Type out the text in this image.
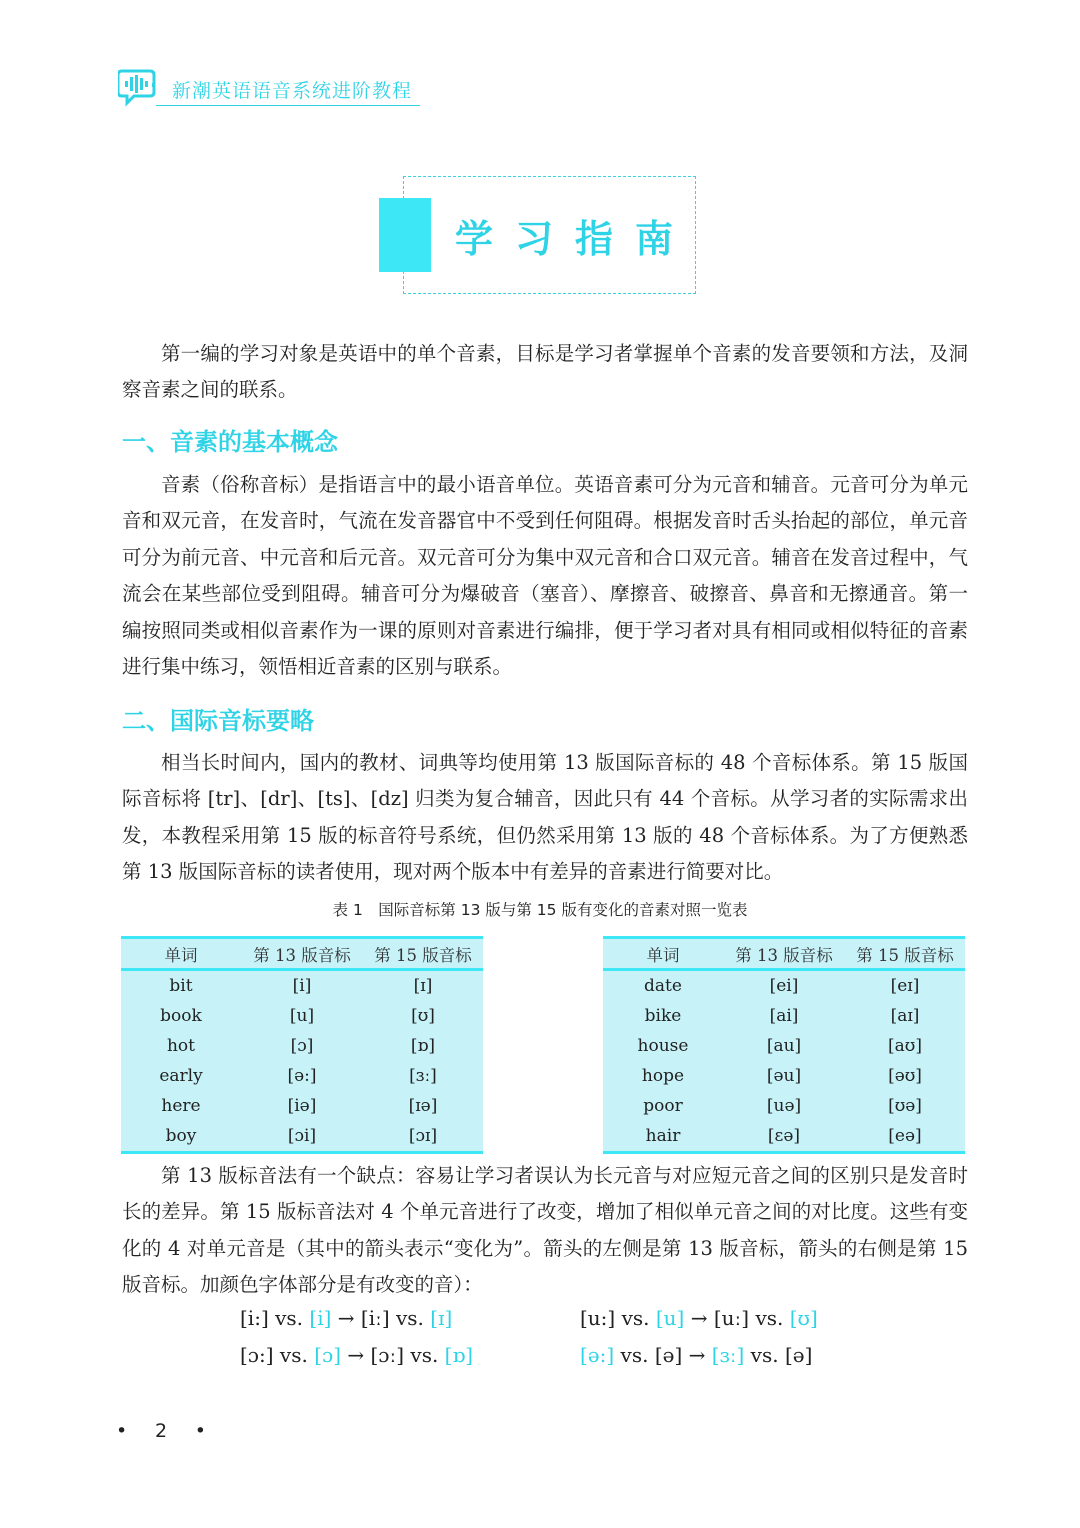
新潮英语语音系统进阶教程
学习指南

第一编的学习对象是英语中的单个音素，目标是学习者掌握单个音素的发音要领和方法，及洞察音素之间的联系。

一、音素的基本概念

音素（俗称音标）是指语言中的最小语音单位。英语音素可分为元音和辅音。元音可分为单元音和双元音，在发音时，气流在发音器官中不受到任何阻碍。根据发音时舌头抬起的部位，单元音可分为前元音、中元音和后元音。双元音可分为集中双元音和合口双元音。辅音在发音过程中，气流会在某些部位受到阻碍。辅音可分为爆破音（塞音）、摩擦音、破擦音、鼻音和无擦通音。第一编按照同类或相似音素作为一课的原则对音素进行编排，便于学习者对具有相同或相似特征的音素进行集中练习，领悟相近音素的区别与联系。

二、国际音标要略

相当长时间内，国内的教材、词典等均使用第 13 版国际音标的 48 个音标体系。第 15 版国际音标将 [tr]、[dr]、[ts]、[dz] 归类为复合辅音，因此只有 44 个音标。从学习者的实际需求出发，本教程采用第 15 版的标音符号系统，但仍然采用第 13 版的 48 个音标体系。为了方便熟悉第 13 版国际音标的读者使用，现对两个版本中有差异的音素进行简要对比。

表 1　国际音标第 13 版与第 15 版有变化的音素对照一览表
单词	第 13 版音标	第 15 版音标
bit	[i]	[ɪ]
book	[u]	[ʊ]
hot	[ɔ]	[ɒ]
early	[ə:]	[ɜː]
here	[iə]	[ɪə]
boy	[ɔi]	[ɔɪ]
单词	第 13 版音标	第 15 版音标
date	[ei]	[eɪ]
bike	[ai]	[aɪ]
house	[au]	[aʊ]
hope	[əu]	[əʊ]
poor	[uə]	[ʊə]
hair	[ɛə]	[eə]

第 13 版标音法有一个缺点：容易让学习者误认为长元音与对应短元音之间的区别只是发音时长的差异。第 15 版标音法对 4 个单元音进行了改变，增加了相似单元音之间的对比度。这些有变化的 4 对单元音是（其中的箭头表示“变化为”。箭头的左侧是第 13 版音标，箭头的右侧是第 15 版音标。加颜色字体部分是有改变的音）：

[i:] vs. [i] → [iː] vs. [ɪ]	[u:] vs. [u] → [uː] vs. [ʊ]
[ɔ:] vs. [ɔ] → [ɔː] vs. [ɒ]	[ə:] vs. [ə] → [ɜː] vs. [ə]
• 2 •
